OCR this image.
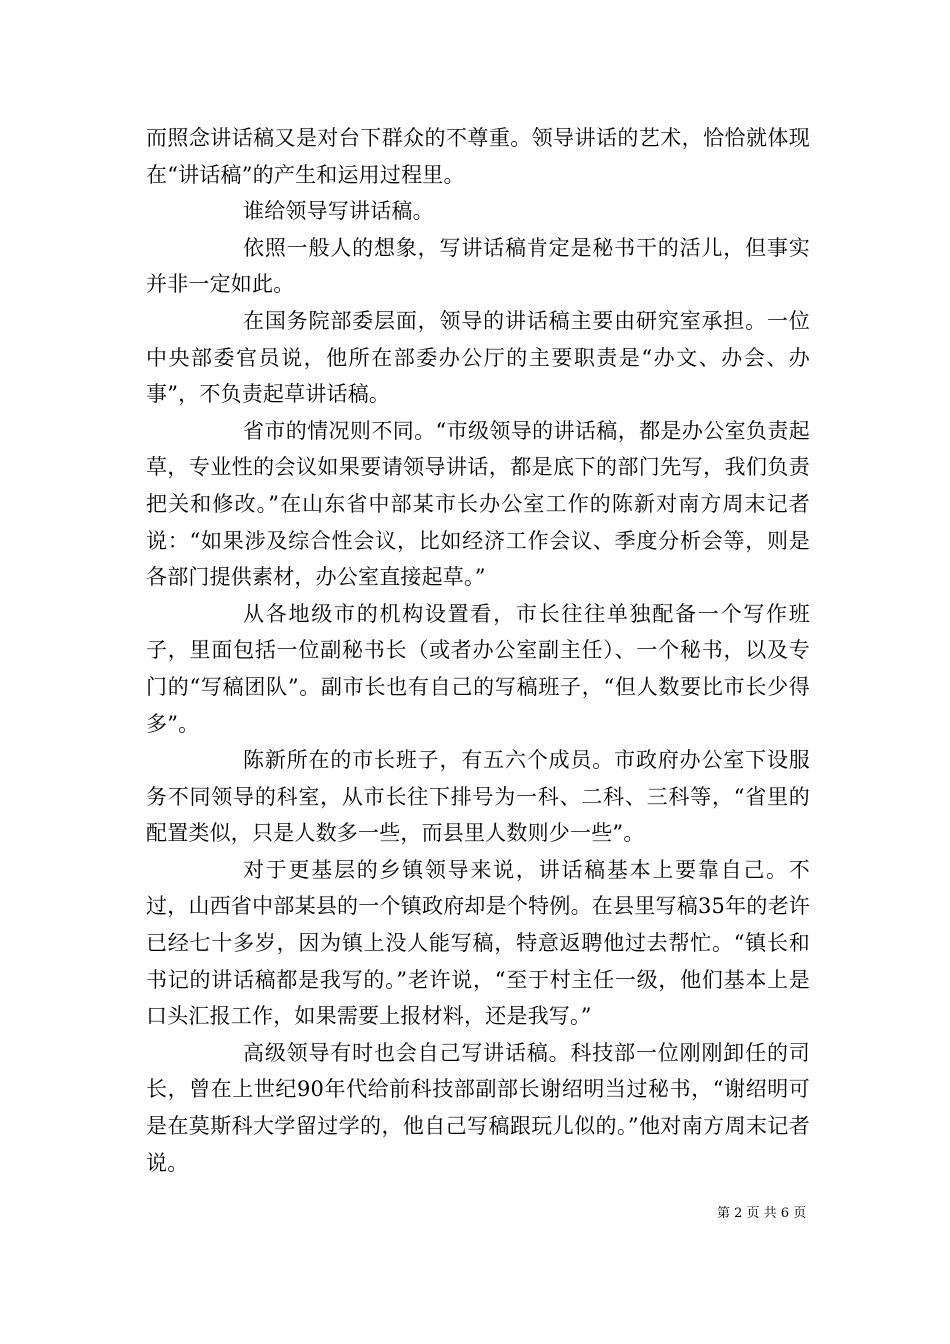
而照念讲话稿又是对台下群众的不尊重。领导讲话的艺术，恰恰就体现在“讲话稿”的产生和运用过程里。

谁给领导写讲话稿。

依照一般人的想象，写讲话稿肯定是秘书干的活儿，但事实并非一定如此。

在国务院部委层面，领导的讲话稿主要由研究室承担。一位中央部委官员说，他所在部委办公厅的主要职责是“办文、办会、办事”，不负责起草讲话稿。

省市的情况则不同。“市级领导的讲话稿，都是办公室负责起草，专业性的会议如果要请领导讲话，都是底下的部门先写，我们负责把关和修改。”在山东省中部某市长办公室工作的陈新对南方周末记者说：“如果涉及综合性会议，比如经济工作会议、季度分析会等，则是各部门提供素材，办公室直接起草。”

从各地级市的机构设置看，市长往往单独配备一个写作班子，里面包括一位副秘书长（或者办公室副主任）、一个秘书，以及专门的“写稿团队”。副市长也有自己的写稿班子，“但人数要比市长少得多”。

陈新所在的市长班子，有五六个成员。市政府办公室下设服务不同领导的科室，从市长往下排号为一科、二科、三科等，“省里的配置类似，只是人数多一些，而县里人数则少一些”。

对于更基层的乡镇领导来说，讲话稿基本上要靠自己。不过，山西省中部某县的一个镇政府却是个特例。在县里写稿35年的老许已经七十多岁，因为镇上没人能写稿，特意返聘他过去帮忙。“镇长和书记的讲话稿都是我写的。”老许说，“至于村主任一级，他们基本上是口头汇报工作，如果需要上报材料，还是我写。”

高级领导有时也会自己写讲话稿。科技部一位刚刚卸任的司长，曾在上世纪90年代给前科技部副部长谢绍明当过秘书，“谢绍明可是在莫斯科大学留过学的，他自己写稿跟玩儿似的。”他对南方周末记者说。

第 2 页 共 6 页
